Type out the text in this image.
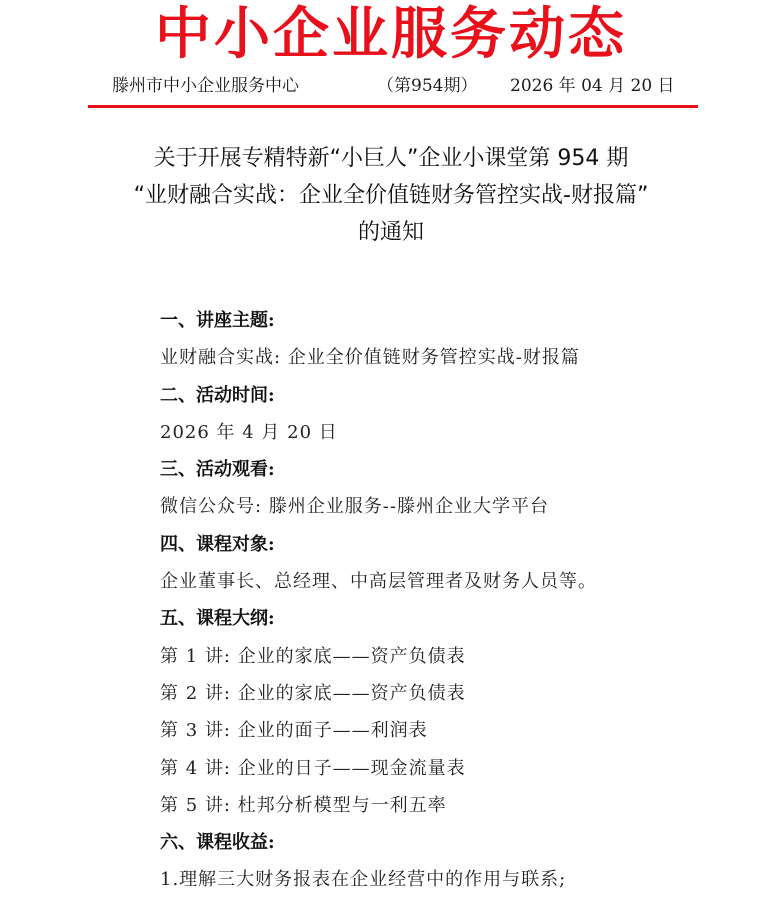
中小企业服务动态
滕州市中小企业服务中心	（第954期） 2026 年 04 月 20 日
关于开展专精特新“小巨人”企业小课堂第 954 期
“业财融合实战：企业全价值链财务管控实战-财报篇”
的通知
一、讲座主题:
业财融合实战: 企业全价值链财务管控实战-财报篇
二、活动时间:
2026 年 4 月 20 日
三、活动观看:
微信公众号: 滕州企业服务--滕州企业大学平台
四、课程对象:
企业董事长、总经理、中高层管理者及财务人员等。
五、课程大纲:
第 1 讲: 企业的家底——资产负债表
第 2 讲: 企业的家底——资产负债表
第 3 讲: 企业的面子——利润表
第 4 讲: 企业的日子——现金流量表
第 5 讲: 杜邦分析模型与一利五率
六、课程收益:
1.理解三大财务报表在企业经营中的作用与联系;
